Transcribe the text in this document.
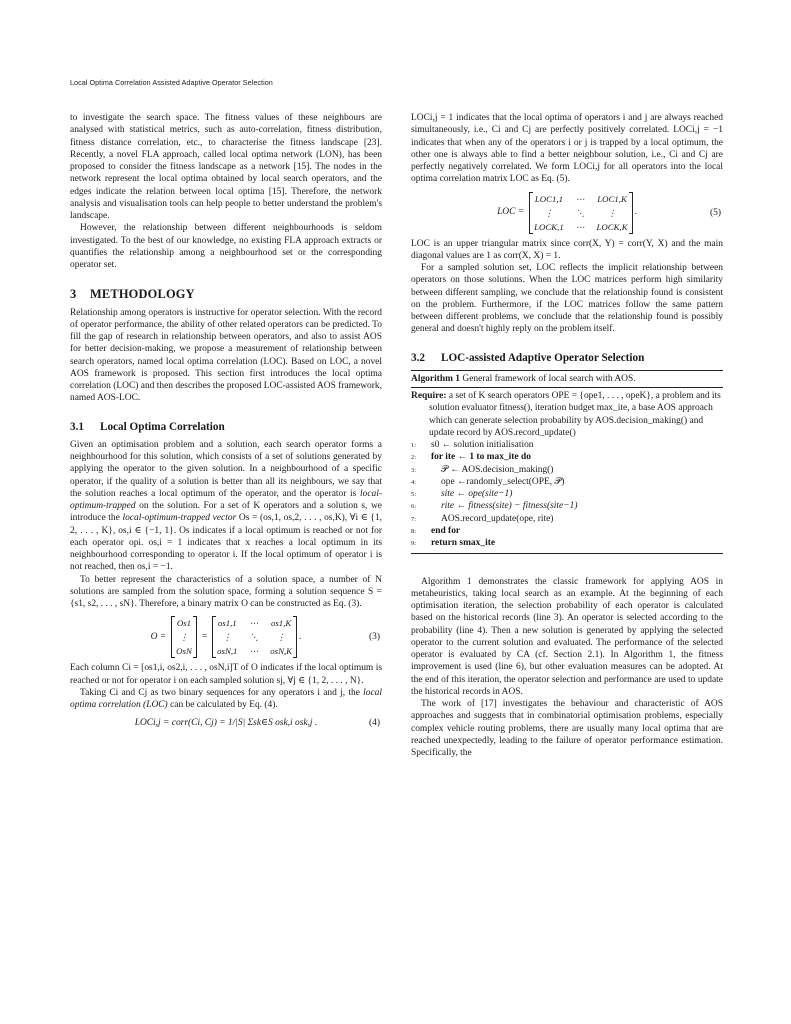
Local Optima Correlation Assisted Adaptive Operator Selection

to investigate the search space. The fitness values of these neighbours are analysed with statistical metrics, such as auto-correlation, fitness distribution, fitness distance correlation, etc., to characterise the fitness landscape [23]. Recently, a novel FLA approach, called local optima network (LON), has been proposed to consider the fitness landscape as a network [15]. The nodes in the network represent the local optima obtained by local search operators, and the edges indicate the relation between local optima [15]. Therefore, the network analysis and visualisation tools can help people to better understand the problem's landscape.

However, the relationship between different neighbourhoods is seldom investigated. To the best of our knowledge, no existing FLA approach extracts or quantifies the relationship among a neighbourhood set or the corresponding operator set.

3 METHODOLOGY

Relationship among operators is instructive for operator selection. With the record of operator performance, the ability of other related operators can be predicted. To fill the gap of research in relationship between operators, and also to assist AOS for better decision-making, we propose a measurement of relationship between search operators, named local optima correlation (LOC). Based on LOC, a novel AOS framework is proposed. This section first introduces the local optima correlation (LOC) and then describes the proposed LOC-assisted AOS framework, named AOS-LOC.

3.1 Local Optima Correlation

Given an optimisation problem and a solution, each search operator forms a neighbourhood for this solution, which consists of a set of solutions generated by applying the operator to the given solution. In a neighbourhood of a specific operator, if the quality of a solution is better than all its neighbours, we say that the solution reaches a local optimum of the operator, and the operator is local-optimum-trapped on the solution. For a set of K operators and a solution s, we introduce the local-optimum-trapped vector Os = (os,1, os,2, . . . , os,K), ∀i ∈ {1, 2, . . . , K}, os,i ∈ {−1, 1}. Os indicates if a local optimum is reached or not for each operator opi. os,i = 1 indicates that x reaches a local optimum in its neighbourhood corresponding to operator i. If the local optimum of operator i is not reached, then os,i = −1.

To better represent the characteristics of a solution space, a number of N solutions are sampled from the solution space, forming a solution sequence S = {s1, s2, . . . , sN}. Therefore, a binary matrix O can be constructed as Eq. (3).

O =
Os1
⋮
OsN
=
os1,1 ⋯ os1,K
⋮	⋱	⋮
osN,1 ⋯ osN,K
.	(3)

Each column Ci = [os1,i, os2,i, . . . , osN,i]T of O indicates if the local optimum is reached or not for operator i on each sampled solution sj, ∀j ∈ {1, 2, . . . , N}.

Taking Ci and Cj as two binary sequences for any operators i and j, the local optima correlation (LOC) can be calculated by Eq. (4).

LOCi,j = corr(Ci, Cj) = 1/|S| Σsk∈S osk,i osk,j .	(4)

LOCi,j = 1 indicates that the local optima of operators i and j are always reached simultaneously, i.e., Ci and Cj are perfectly positively correlated. LOCi,j = −1 indicates that when any of the operators i or j is trapped by a local optimum, the other one is always able to find a better neighbour solution, i.e., Ci and Cj are perfectly negatively correlated. We form LOCi,j for all operators into the local optima correlation matrix LOC as Eq. (5).

LOC =
LOC1,1 ⋯ LOC1,K
⋮	⋱	⋮
LOCK,1 ⋯ LOCK,K
.	(5)

LOC is an upper triangular matrix since corr(X, Y) = corr(Y, X) and the main diagonal values are 1 as corr(X, X) = 1.

For a sampled solution set, LOC reflects the implicit relationship between operators on those solutions. When the LOC matrices perform high similarity between different sampling, we conclude that the relationship found is consistent on the problem. Furthermore, if the LOC matrices follow the same pattern between different problems, we conclude that the relationship found is possibly general and doesn't highly reply on the problem itself.

3.2 LOC-assisted Adaptive Operator Selection
Algorithm 1 General framework of local search with AOS.
Require: a set of K search operators OPE = {ope1, . . . , opeK}, a problem and its solution evaluator fitness(), iteration budget max_ite, a base AOS approach which can generate selection probability by AOS.decision_making() and update record by AOS.record_update()
1: s0 ← solution initialisation
2: for ite ← 1 to max_ite do
3:	𝒫 ← AOS.decision_making()
4:	ope ←randomly_select(OPE, 𝒫)
5:	site ← ope(site−1)
6:	rite ← fitness(site) − fitness(site−1)
7:	AOS.record_update(ope, rite)
8: end for
9: return smax_ite

Algorithm 1 demonstrates the classic framework for applying AOS in metaheuristics, taking local search as an example. At the beginning of each optimisation iteration, the selection probability of each operator is calculated based on the historical records (line 3). An operator is selected according to the probability (line 4). Then a new solution is generated by applying the selected operator to the current solution and evaluated. The performance of the selected operator is evaluated by CA (cf. Section 2.1). In Algorithm 1, the fitness improvement is used (line 6), but other evaluation measures can be adopted. At the end of this iteration, the operator selection and performance are used to update the historical records in AOS.

The work of [17] investigates the behaviour and characteristic of AOS approaches and suggests that in combinatorial optimisation problems, especially complex vehicle routing problems, there are usually many local optima that are reached unexpectedly, leading to the failure of operator performance estimation. Specifically, the
